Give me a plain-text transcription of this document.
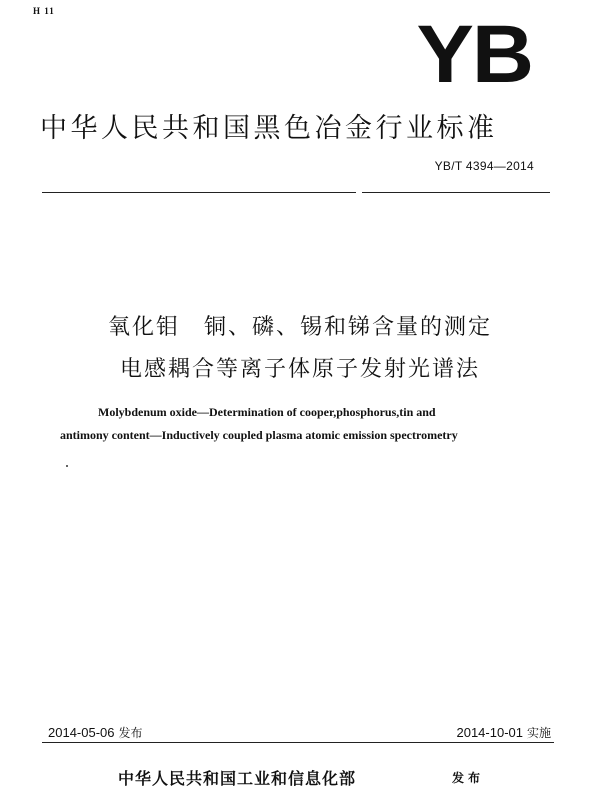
H 11	YB
中华人民共和国黑色冶金行业标准
YB/T 4394—2014
氧化钼　铜、磷、锡和锑含量的测定
电感耦合等离子体原子发射光谱法
Molybdenum oxide—Determination of cooper,phosphorus,tin and
antimony content—Inductively coupled plasma atomic emission spectrometry
2014-05-06 发布	2014-10-01 实施
中华人民共和国工业和信息化部	发布
